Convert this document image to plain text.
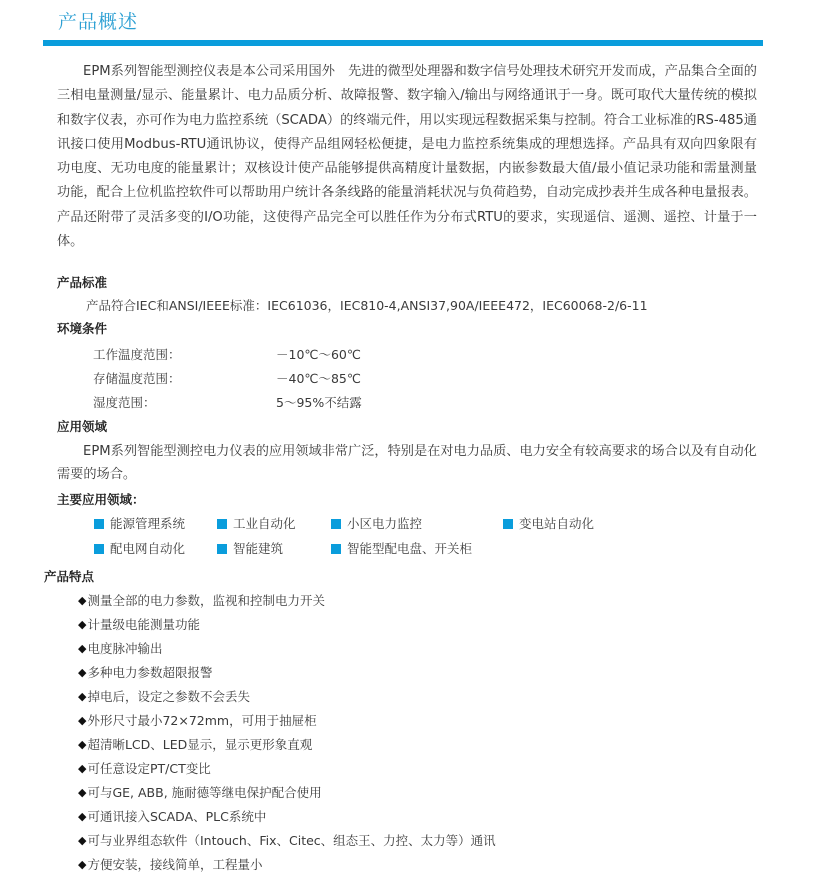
产品概述

EPM系列智能型测控仪表是本公司采用国外　先进的微型处理器和数字信号处理技术研究开发而成，产品集合全面的三相电量测量/显示、能量累计、电力品质分析、故障报警、数字输入/输出与网络通讯于一身。既可取代大量传统的模拟和数字仪表，亦可作为电力监控系统（SCADA）的终端元件，用以实现远程数据采集与控制。符合工业标准的RS-485通讯接口使用Modbus-RTU通讯协议，使得产品组网轻松便捷，是电力监控系统集成的理想选择。产品具有双向四象限有功电度、无功电度的能量累计；双核设计使产品能够提供高精度计量数据，内嵌参数最大值/最小值记录功能和需量测量功能，配合上位机监控软件可以帮助用户统计各条线路的能量消耗状况与负荷趋势，自动完成抄表并生成各种电量报表。产品还附带了灵活多变的I/O功能，这使得产品完全可以胜任作为分布式RTU的要求，实现遥信、遥测、遥控、计量于一体。

产品标准
产品符合IEC和ANSI/IEEE标准：IEC61036，IEC810-4,ANSI37,90A/IEEE472，IEC60068-2/6-11
环境条件
工作温度范围：	－10℃～60℃
存储温度范围：	－40℃～85℃
湿度范围：	5～95%不结露
应用领域

EPM系列智能型测控电力仪表的应用领域非常广泛，特别是在对电力品质、电力安全有较高要求的场合以及有自动化需要的场合。

主要应用领域：
能源管理系统	工业自动化	小区电力监控	变电站自动化
配电网自动化	智能建筑	智能型配电盘、开关柜
产品特点
◆ 测量全部的电力参数，监视和控制电力开关
◆ 计量级电能测量功能
◆ 电度脉冲输出
◆ 多种电力参数超限报警
◆ 掉电后，设定之参数不会丢失
◆ 外形尺寸最小72×72mm，可用于抽屉柜
◆ 超清晰LCD、LED显示，显示更形象直观
◆ 可任意设定PT/CT变比
◆ 可与GE, ABB, 施耐德等继电保护配合使用
◆ 可通讯接入SCADA、PLC系统中
◆ 可与业界组态软件（Intouch、Fix、Citec、组态王、力控、太力等）通讯
◆ 方便安装，接线简单，工程量小
